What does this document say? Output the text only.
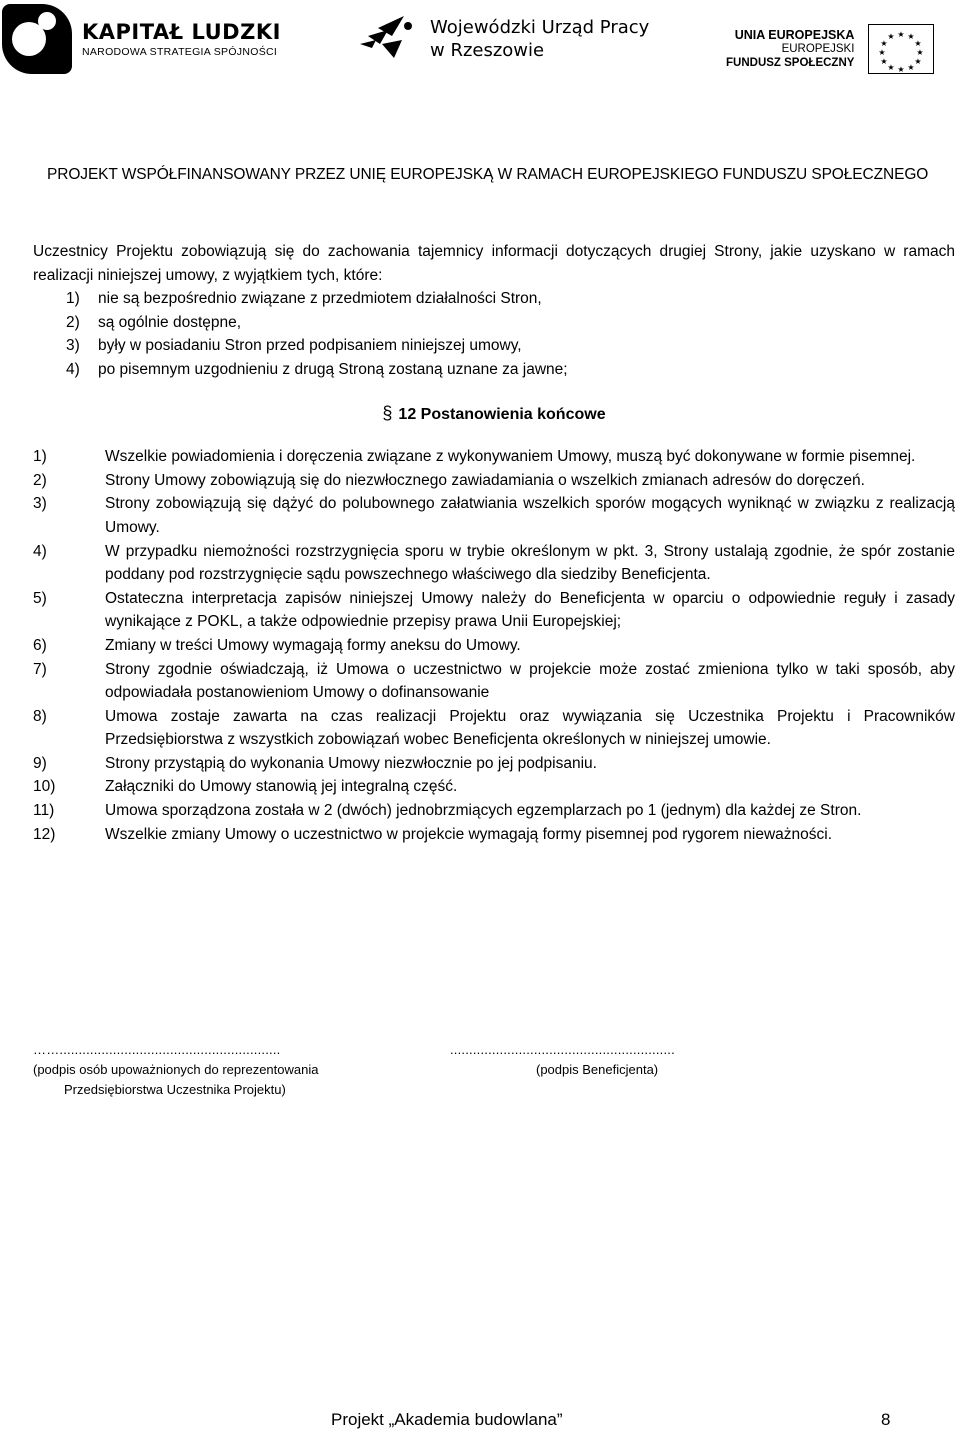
KAPITAŁ LUDZKI
NARODOWA STRATEGIA SPÓJNOŚCI
Wojewódzki Urząd Pracy
w Rzeszowie
UNIA EUROPEJSKA
EUROPEJSKI
FUNDUSZ SPOŁECZNY
★ ★
★
★
★
★
★
★
★
★
★
★
PROJEKT WSPÓŁFINANSOWANY PRZEZ UNIĘ EUROPEJSKĄ W RAMACH EUROPEJSKIEGO FUNDUSZU SPOŁECZNEGO
Uczestnicy Projektu zobowiązują się do zachowania tajemnicy informacji dotyczących drugiej Strony, jakie uzyskano w ramach realizacji niniejszej umowy, z wyjątkiem tych, które:
1)	nie są bezpośrednio związane z przedmiotem działalności Stron,
2)	są ogólnie dostępne,
3)	były w posiadaniu Stron przed podpisaniem niniejszej umowy,
4)	po pisemnym uzgodnieniu z drugą Stroną zostaną uznane za jawne;
§ 12 Postanowienia końcowe
1)	Wszelkie powiadomienia i doręczenia związane z wykonywaniem Umowy, muszą być dokonywane w formie pisemnej.
2)	Strony Umowy zobowiązują się do niezwłocznego zawiadamiania o wszelkich zmianach adresów do doręczeń.
3)	Strony zobowiązują się dążyć do polubownego załatwiania wszelkich sporów mogących wyniknąć w związku z realizacją Umowy.
4)	W przypadku niemożności rozstrzygnięcia sporu w trybie określonym w pkt. 3, Strony ustalają zgodnie, że spór zostanie poddany pod rozstrzygnięcie sądu powszechnego właściwego dla siedziby Beneficjenta.
5)	Ostateczna interpretacja zapisów niniejszej Umowy należy do Beneficjenta w oparciu o odpowiednie reguły i zasady wynikające z POKL, a także odpowiednie przepisy prawa Unii Europejskiej;
6)	Zmiany w treści Umowy wymagają formy aneksu do Umowy.
7)	Strony zgodnie oświadczają, iż Umowa o uczestnictwo w projekcie może zostać zmieniona tylko w taki sposób, aby odpowiadała postanowieniom Umowy o dofinansowanie
8)	Umowa zostaje zawarta na czas realizacji Projektu oraz wywiązania się Uczestnika Projektu i Pracowników Przedsiębiorstwa z wszystkich zobowiązań wobec Beneficjenta określonych w niniejszej umowie.
9)	Strony przystąpią do wykonania Umowy niezwłocznie po jej podpisaniu.
10)	Załączniki do Umowy stanowią jej integralną część.
11)	Umowa sporządzona została w 2 (dwóch) jednobrzmiących egzemplarzach po 1 (jednym) dla każdej ze Stron.
12)	Wszelkie zmiany Umowy o uczestnictwo w projekcie wymagają formy pisemnej pod rygorem nieważności.
……..........................................................
(podpis osób upoważnionych do reprezentowania
Przedsiębiorstwa Uczestnika Projektu)
...........................................................
(podpis Beneficjenta)
Projekt „Akademia budowlana”	8
